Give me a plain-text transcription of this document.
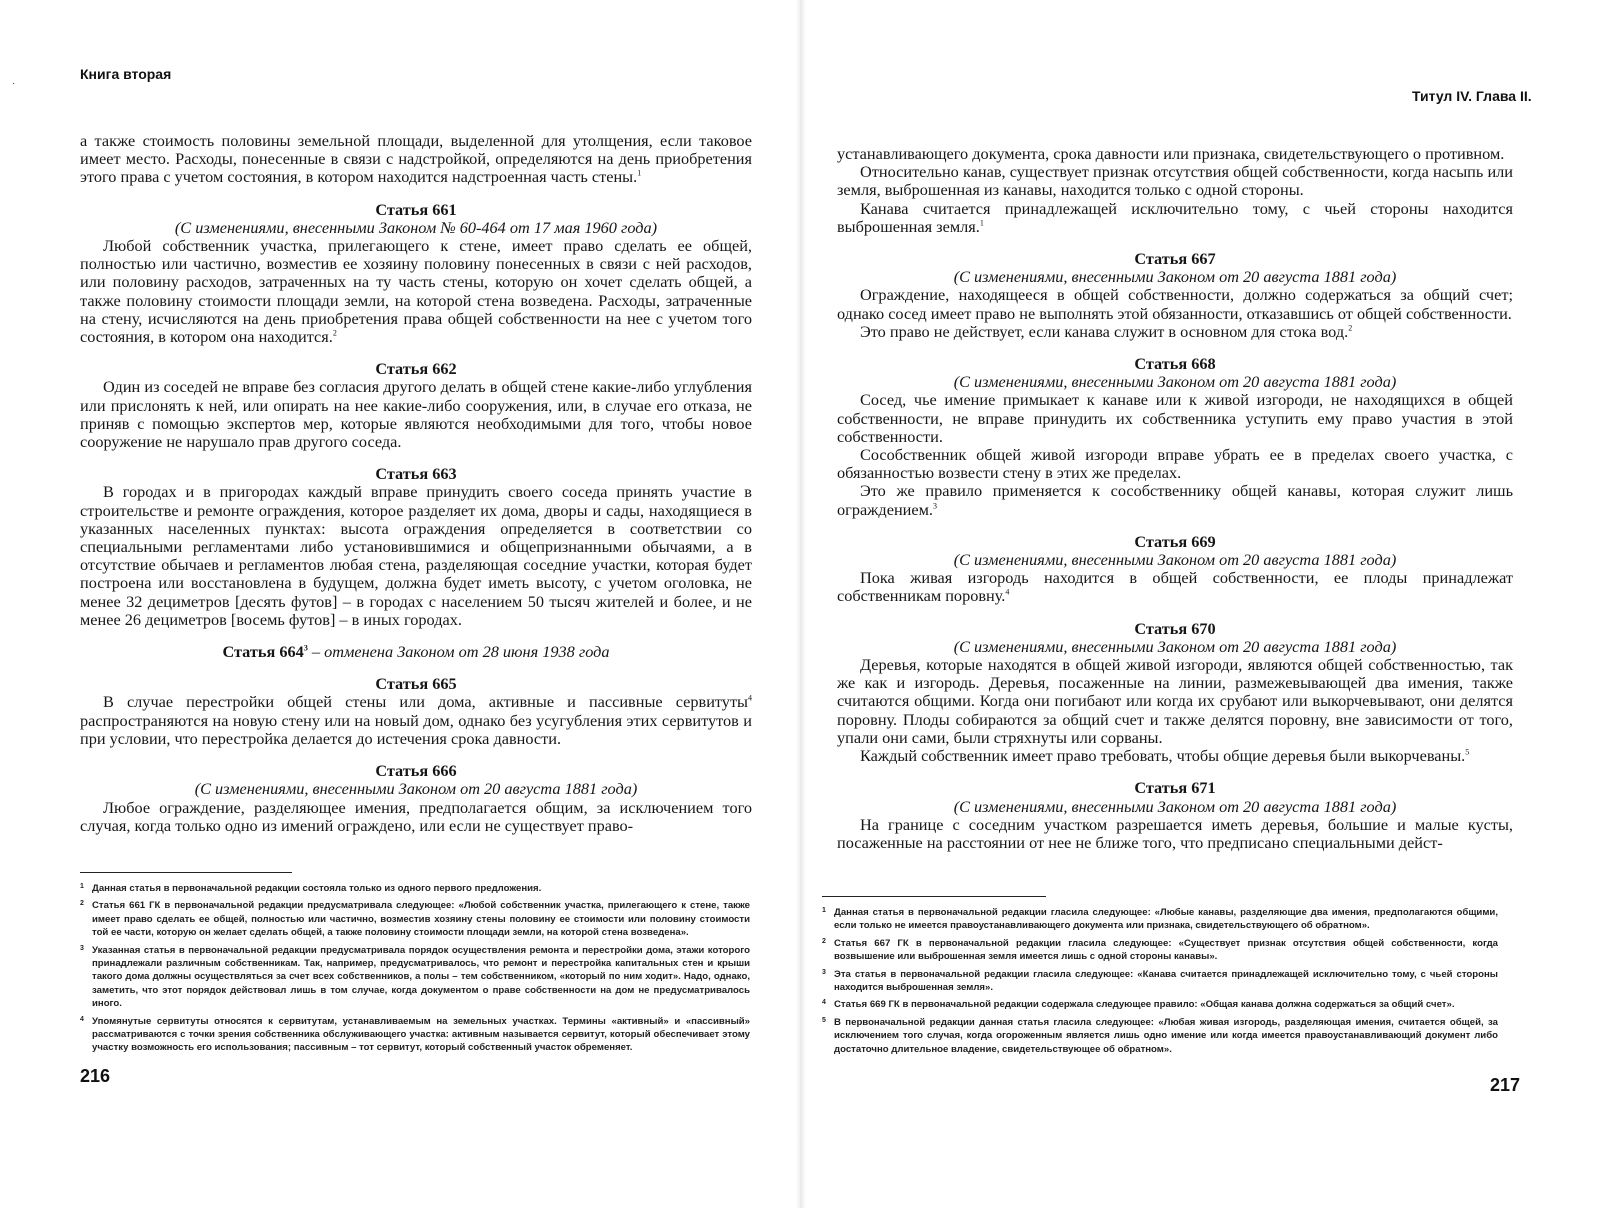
·
Книга вторая

а также стоимость половины земельной площади, выделенной для утолщения, если таковое имеет место. Расходы, понесенные в связи с надстройкой, определяются на день приобретения этого права с учетом состояния, в котором находится надстроенная часть стены.$^1$

Статья 661
(С изменениями, внесенными Законом № 60-464 от 17 мая 1960 года)

Любой собственник участка, прилегающего к стене, имеет право сделать ее общей, полностью или частично, возместив ее хозяину половину понесенных в связи с ней расходов, или половину расходов, затраченных на ту часть стены, которую он хочет сделать общей, а также половину стоимости площади земли, на которой стена возведена. Расходы, затраченные на стену, исчисляются на день приобретения права общей собственности на нее с учетом того состояния, в котором она находится.$^2$

Статья 662

Один из соседей не вправе без согласия другого делать в общей стене какие-либо углубления или прислонять к ней, или опирать на нее какие-либо сооружения, или, в случае его отказа, не приняв с помощью экспертов мер, которые являются необходимыми для того, чтобы новое сооружение не нарушало прав другого соседа.

Статья 663

В городах и в пригородах каждый вправе принудить своего соседа принять участие в строительстве и ремонте ограждения, которое разделяет их дома, дворы и сады, находящиеся в указанных населенных пунктах: высота ограждения определяется в соответствии со специальными регламентами либо установившимися и общепризнанными обычаями, а в отсутствие обычаев и регламентов любая стена, разделяющая соседние участки, которая будет построена или восстановлена в будущем, должна будет иметь высоту, с учетом оголовка, не менее 32 дециметров [десять футов] – в городах с населением 50 тысяч жителей и более, и не менее 26 дециметров [восемь футов] – в иных городах.

Статья $664^3$ – отменена Законом от 28 июня 1938 года
Статья 665

В случае перестройки общей стены или дома, активные и пассивные сервитуты$^4$ распространяются на новую стену или на новый дом, однако без усугубления этих сервитутов и при условии, что перестройка делается до истечения срока давности.

Статья 666
(С изменениями, внесенными Законом от 20 августа 1881 года)

Любое ограждение, разделяющее имения, предполагается общим, за исключением того случая, когда только одно из имений ограждено, или если не существует право-

1 Данная статья в первоначальной редакции состояла только из одного первого предложения.
2 Статья 661 ГК в первоначальной редакции предусматривала следующее: «Любой собственник участка, прилегающего к стене, также имеет право сделать ее общей, полностью или частично, возместив хозяину стены половину ее стоимости или половину стоимости той ее части, которую он желает сделать общей, а также половину стоимости площади земли, на которой стена возведена».
3 Указанная статья в первоначальной редакции предусматривала порядок осуществления ремонта и перестройки дома, этажи которого принадлежали различным собственникам. Так, например, предусматривалось, что ремонт и перестройка капитальных стен и крыши такого дома должны осуществляться за счет всех собственников, а полы – тем собственником, «который по ним ходит». Надо, однако, заметить, что этот порядок действовал лишь в том случае, когда документом о праве собственности на дом не предусматривалось иного.
4 Упомянутые сервитуты относятся к сервитутам, устанавливаемым на земельных участках. Термины «активный» и «пассивный» рассматриваются с точки зрения собственника обслуживающего участка: активным называется сервитут, который обеспечивает этому участку возможность его использования; пассивным – тот сервитут, который собственный участок обременяет.
216
Титул IV. Глава II.

устанавливающего документа, срока давности или признака, свидетельствующего о противном.

Относительно канав, существует признак отсутствия общей собственности, когда насыпь или земля, выброшенная из канавы, находится только с одной стороны.

Канава считается принадлежащей исключительно тому, с чьей стороны находится выброшенная земля.$^1$

Статья 667
(С изменениями, внесенными Законом от 20 августа 1881 года)

Ограждение, находящееся в общей собственности, должно содержаться за общий счет; однако сосед имеет право не выполнять этой обязанности, отказавшись от общей собственности.

Это право не действует, если канава служит в основном для стока вод.$^2$

Статья 668
(С изменениями, внесенными Законом от 20 августа 1881 года)

Сосед, чье имение примыкает к канаве или к живой изгороди, не находящихся в общей собственности, не вправе принудить их собственника уступить ему право участия в этой собственности.

Сособственник общей живой изгороди вправе убрать ее в пределах своего участка, с обязанностью возвести стену в этих же пределах.

Это же правило применяется к сособственнику общей канавы, которая служит лишь ограждением.$^3$

Статья 669
(С изменениями, внесенными Законом от 20 августа 1881 года)

Пока живая изгородь находится в общей собственности, ее плоды принадлежат собственникам поровну.$^4$

Статья 670
(С изменениями, внесенными Законом от 20 августа 1881 года)

Деревья, которые находятся в общей живой изгороди, являются общей собственностью, так же как и изгородь. Деревья, посаженные на линии, размежевывающей два имения, также считаются общими. Когда они погибают или когда их срубают или выкорчевывают, они делятся поровну. Плоды собираются за общий счет и также делятся поровну, вне зависимости от того, упали они сами, были стряхнуты или сорваны.

Каждый собственник имеет право требовать, чтобы общие деревья были выкорчеваны.$^5$

Статья 671
(С изменениями, внесенными Законом от 20 августа 1881 года)

На границе с соседним участком разрешается иметь деревья, большие и малые кусты, посаженные на расстоянии от нее не ближе того, что предписано специальными дейст-

1 Данная статья в первоначальной редакции гласила следующее: «Любые канавы, разделяющие два имения, предполагаются общими, если только не имеется правоустанавливающего документа или признака, свидетельствующего об обратном».
2 Статья 667 ГК в первоначальной редакции гласила следующее: «Существует признак отсутствия общей собственности, когда возвышение или выброшенная земля имеется лишь с одной стороны канавы».
3 Эта статья в первоначальной редакции гласила следующее: «Канава считается принадлежащей исключительно тому, с чьей стороны находится выброшенная земля».
4 Статья 669 ГК в первоначальной редакции содержала следующее правило: «Общая канава должна содержаться за общий счет».
5 В первоначальной редакции данная статья гласила следующее: «Любая живая изгородь, разделяющая имения, считается общей, за исключением того случая, когда огороженным является лишь одно имение или когда имеется правоустанавливающий документ либо достаточно длительное владение, свидетельствующее об обратном».
217
